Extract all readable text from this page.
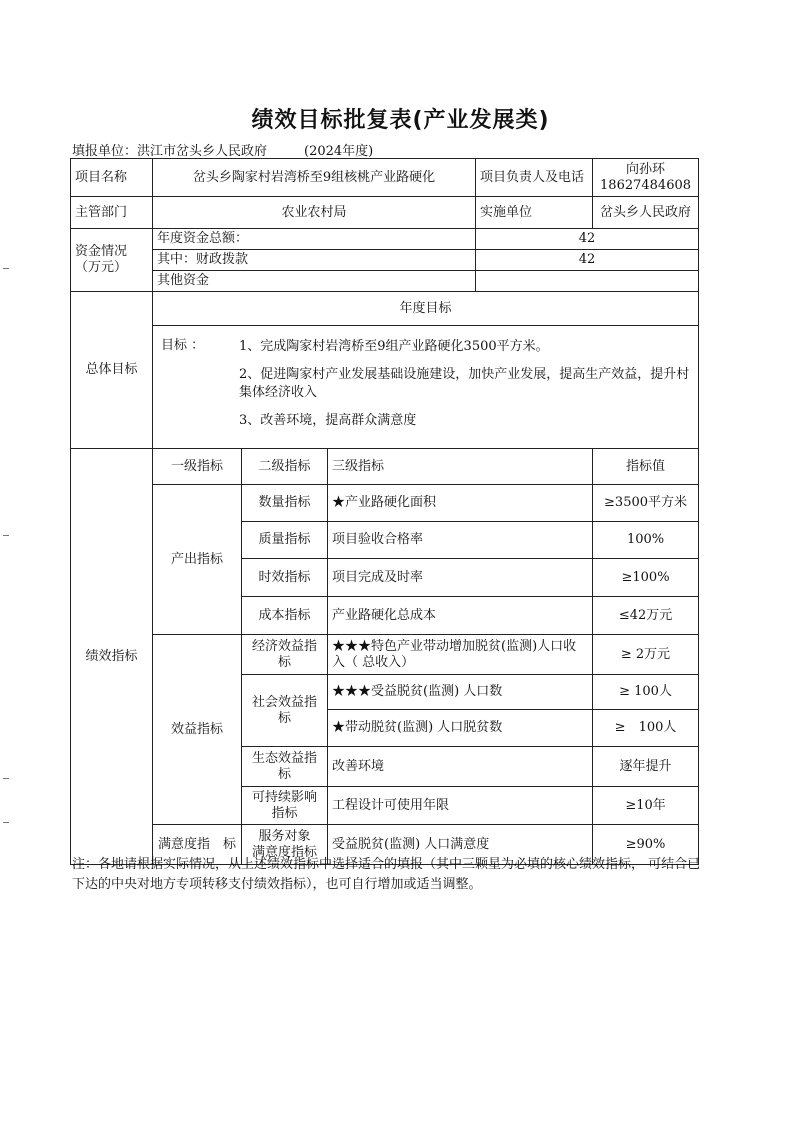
绩效目标批复表(产业发展类)
填报单位：洪江市岔头乡人民政府	(2024年度)
项目名称	岔头乡陶家村岩湾桥至9组核桃产业路硬化			项目负责人及电话	向孙环
18627484608

主管部门	农业农村局			实施单位	岔头乡人民政府
资金情况（万元）	年度资金总额：			42	
	其中：财政拨款			42	
	其他资金				
总体目标	年度目标				

	目标 ： 1、完成陶家村岩湾桥至9组产业路硬化3500平方米。

2、促进陶家村产业发展基础设施建设，加快产业发展，提高生产效益，提升村集体经济收入

3、改善环境，提高群众满意度				

绩效指标	一级指标	二级指标	三级指标		指标值
	产出指标	数量指标	★产业路硬化面积		≥3500平方米
		质量指标	项目验收合格率		100%
		时效指标	项目完成及时率		≥100%
		成本指标	产业路硬化总成本		≤42万元
	效益指标	经济效益指标	★★★特色产业带动增加脱贫(监测)人口收入（ 总收入）		≥ 2万元
		社会效益指标	★★★受益脱贫(监测) 人口数		≥ 100人
			★带动脱贫(监测) 人口脱贫数		≥　100人
		生态效益指标	改善环境		逐年提升
		可持续影响指标	工程设计可使用年限		≥10年
	满意度指　标	服务对象　满意度指标	受益脱贫(监测) 人口满意度		≥90%
注：各地请根据实际情况，从上述绩效指标中选择适合的填报（其中三颗星为必填的核心绩效指标， 可结合已下达的中央对地方专项转移支付绩效指标），也可自行增加或适当调整。
